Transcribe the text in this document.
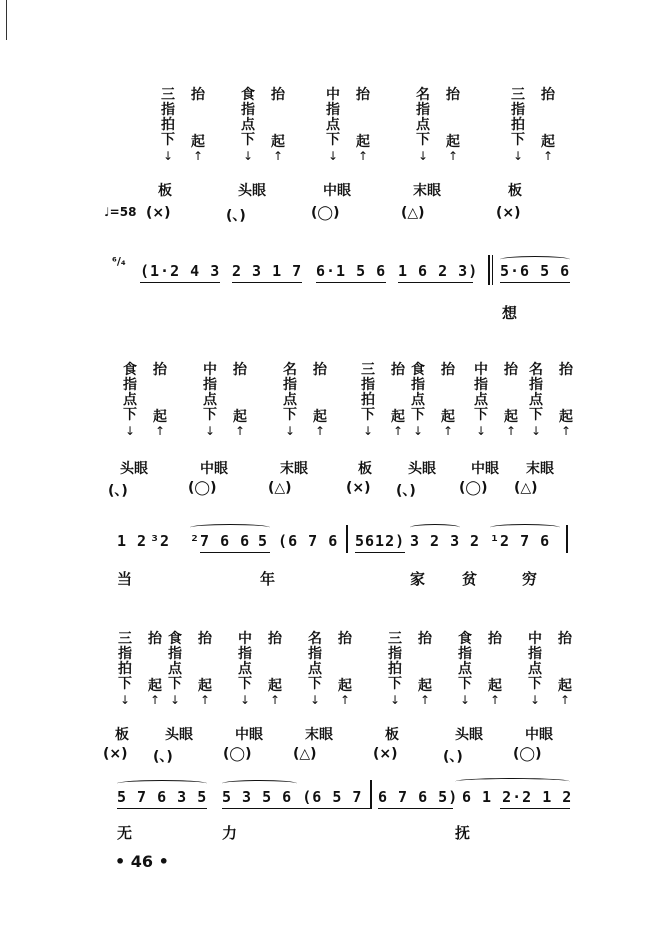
三
指
拍
下
↓
抬
起
↑
板
(×)
食
指
点
下
↓
抬
起
↑
头眼
(、)
中
指
点
下
↓
抬
起
↑
中眼
(◯)
名
指
点
下
↓
抬
起
↑
末眼
(△)
三
指
拍
下
↓
抬
起
↑
板
(×)
食
指
点
下
↓
抬
起
↑
头眼
(、)
中
指
点
下
↓
抬
起
↑
中眼
(◯)
名
指
点
下
↓
抬
起
↑
末眼
(△)
三
指
拍
下
↓
抬
起
↑
板
(×)
食
指
点
下
↓
抬
起
↑
头眼
(、)
中
指
点
下
↓
抬
起
↑
中眼
(◯)
名
指
点
下
↓
抬
起
↑
末眼
(△)
三
指
拍
下
↓
抬
起
↑
板
(×)
食
指
点
下
↓
抬
起
↑
头眼
(、)
中
指
点
下
↓
抬
起
↑
中眼
(◯)
名
指
点
下
↓
抬
起
↑
末眼
(△)
三
指
拍
下
↓
抬
起
↑
板
(×)
食
指
点
下
↓
抬
起
↑
头眼
(、)
中
指
点
下
↓
抬
起
↑
中眼
(◯)
♩=58
⁶/₄
(1·2 4 3 2 3 1 7 6·1 5 6 1 6 2 3) 5·6 5 6
想
1 2 ³2 ²7 6 6 5 (6 7 6 5612) 3 2 3 2 ¹2 7 6
当	年	家 贫	穷
5 7 6 3 5 5 3 5 6 (6 5 7 6 7 6 5) 6 1 2·2 1 2
无	力	抚
• 46 •
